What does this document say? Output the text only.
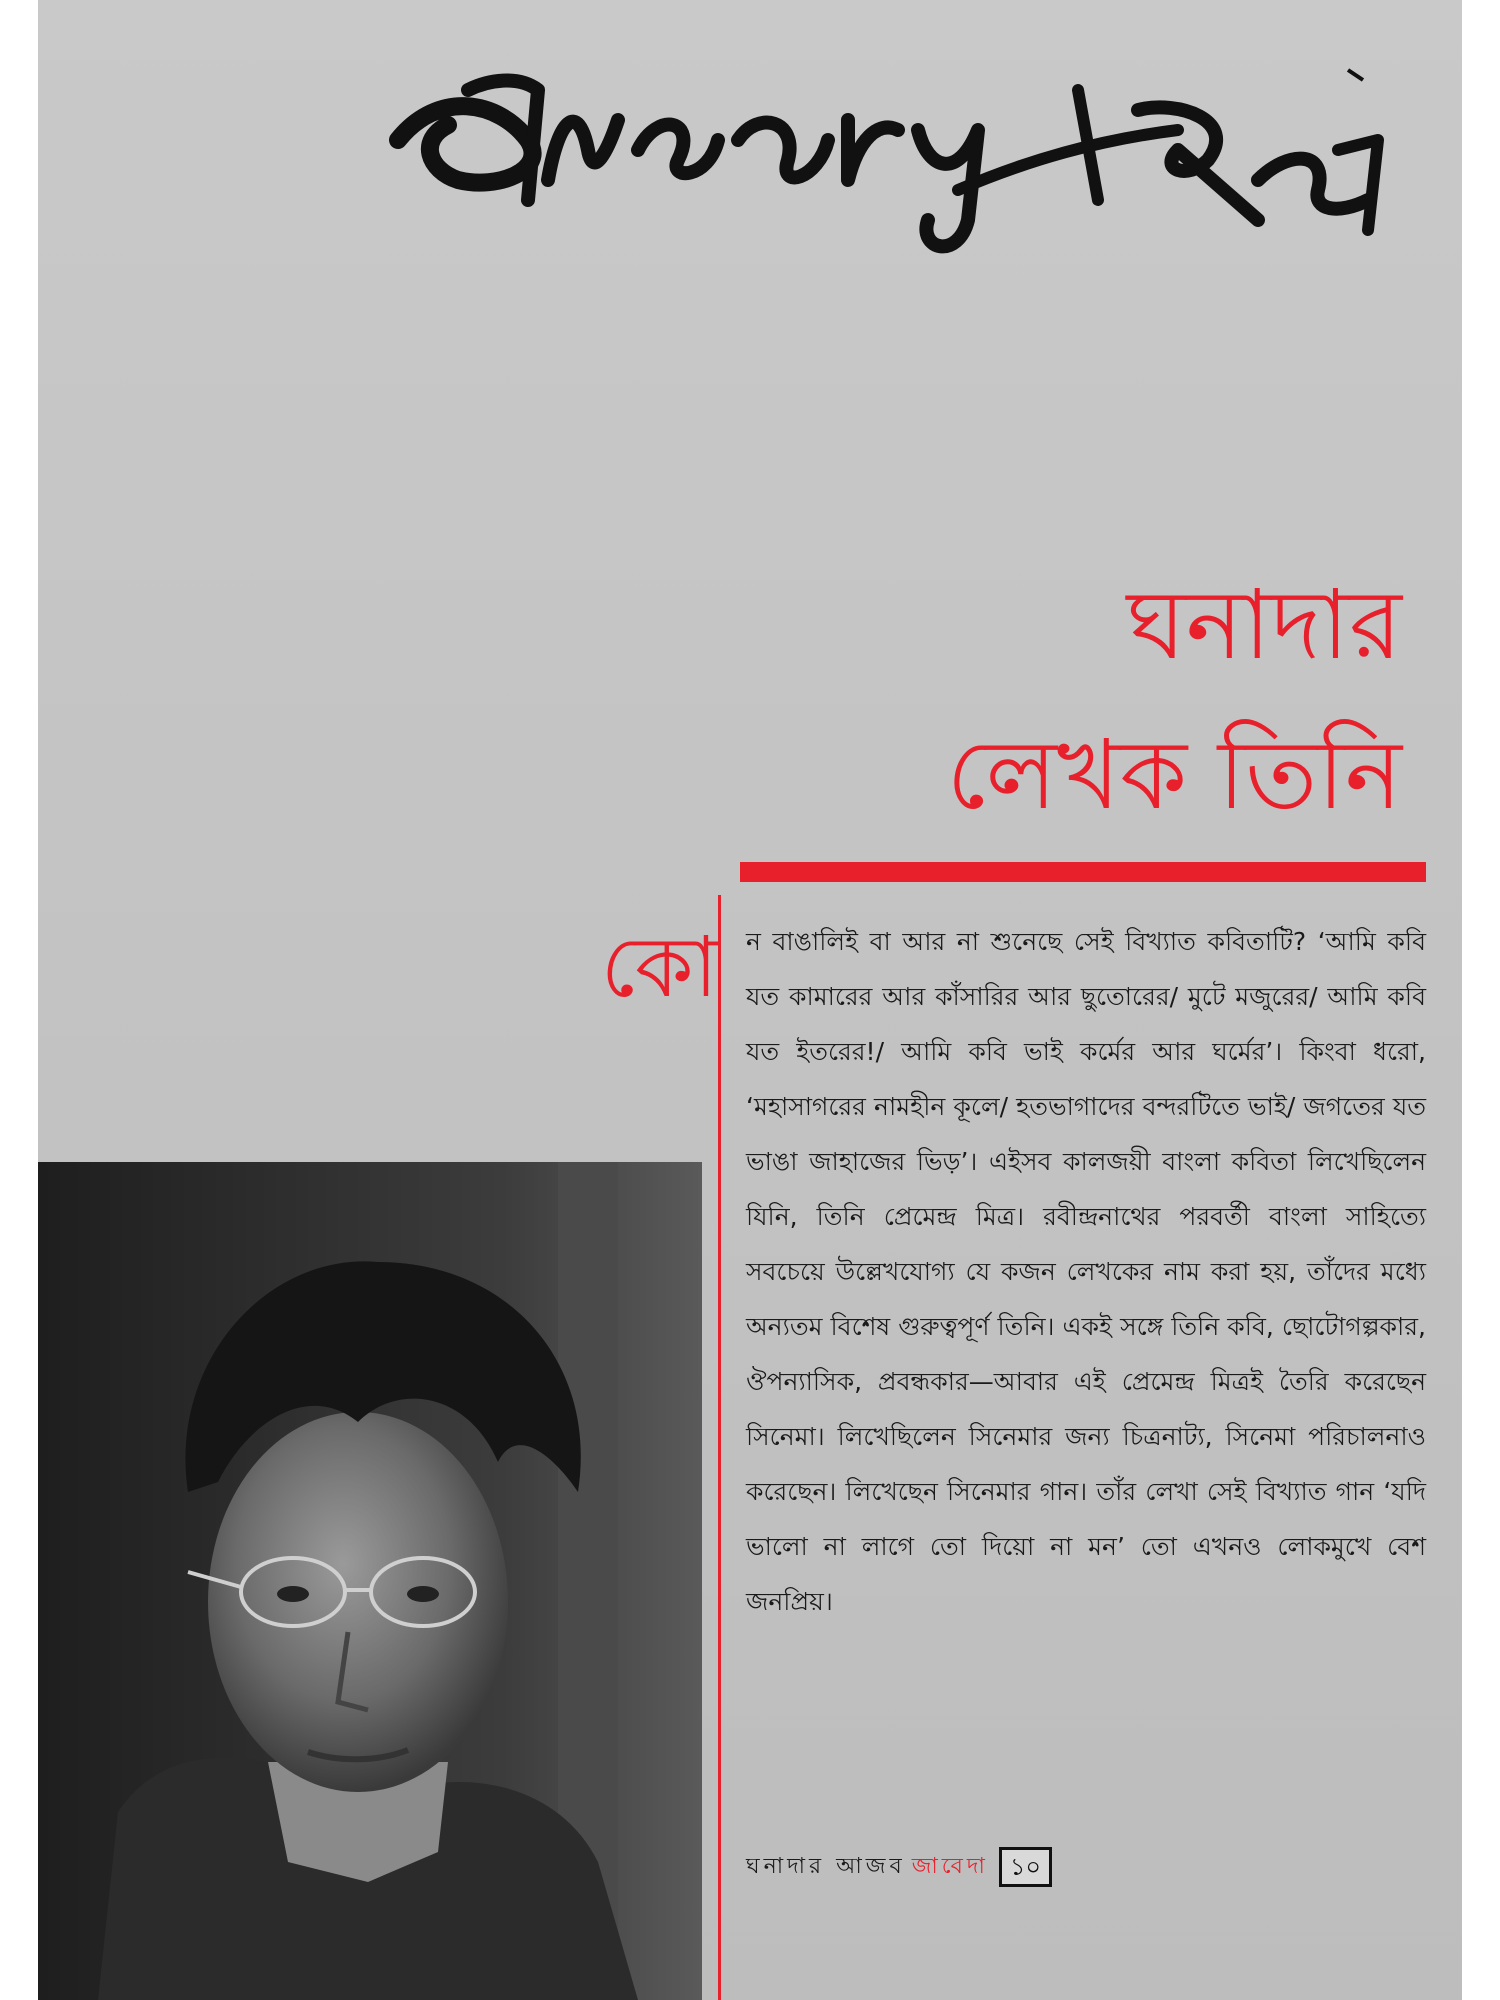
ঘনাদার
লেখক তিনি
কো ন বাঙালিই বা আর না শুনেছে সেই বিখ্যাত কবিতাটি? ‘আমি কবি যত কামারের আর কাঁসারির আর ছুতোরের/ মুটে মজুরের/ আমি কবি যত ইতরের!/ আমি কবি ভাই কর্মের আর ঘর্মের’। কিংবা ধরো, ‘মহাসাগরের নামহীন কূলে/ হতভাগাদের বন্দরটিতে ভাই/ জগতের যত ভাঙা জাহাজের ভিড়’। এইসব কালজয়ী বাংলা কবিতা লিখেছিলেন যিনি, তিনি প্রেমেন্দ্র মিত্র। রবীন্দ্রনাথের পরবর্তী বাংলা সাহিত্যে সবচেয়ে উল্লেখযোগ্য যে কজন লেখকের নাম করা হয়, তাঁদের মধ্যে অন্যতম বিশেষ গুরুত্বপূর্ণ তিনি। একই সঙ্গে তিনি কবি, ছোটোগল্পকার, ঔপন্যাসিক, প্রবন্ধকার—আবার এই প্রেমেন্দ্র মিত্রই তৈরি করেছেন সিনেমা। লিখেছিলেন সিনেমার জন্য চিত্রনাট্য, সিনেমা পরিচালনাও করেছেন। লিখেছেন সিনেমার গান। তাঁর লেখা সেই বিখ্যাত গান ‘যদি ভালো না লাগে তো দিয়ো না মন’ তো এখনও লোকমুখে বেশ জনপ্রিয়।
ঘনাদার আজব জাবেদা ১০
